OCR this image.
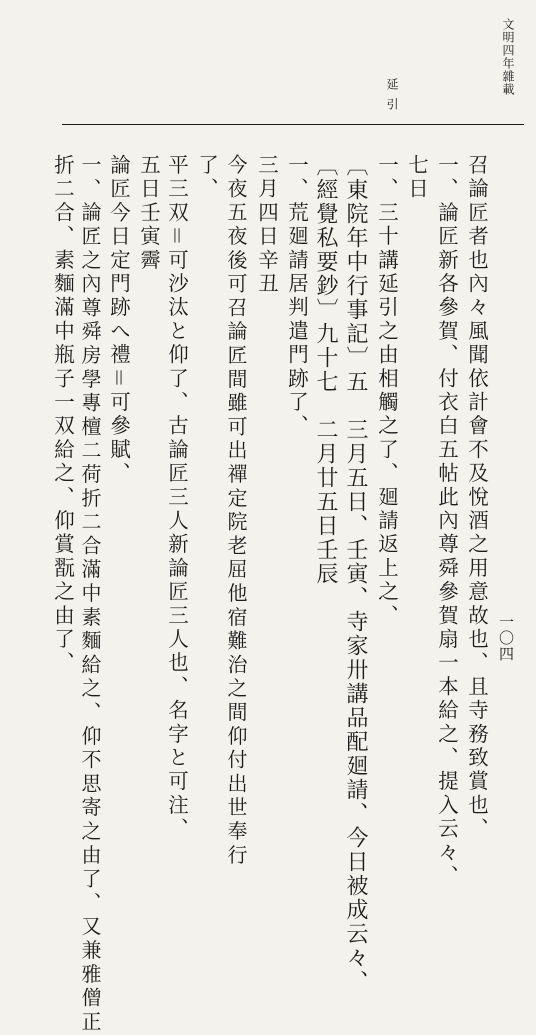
文明四年雜載
一〇四
延引
召論匠者也內々風聞依計會不及悅酒之用意故也、且寺務致賞也、
一、論匠新各參賀、付衣白五帖此內尊舜參賀扇一本給之、提入云々、
七日
一、三十講延引之由相觸之了、廻請返上之、
〔東院年中行事記〕五　三月五日、壬寅、寺家卅講品配廻請、今日被成云々、
〔經覺私要鈔〕九十七　二月廿五日壬辰
一、荒廻請居判遣門跡了、
三月四日辛丑
今夜五夜後可召論匠間雖可出禪定院老屈他宿難治之間仰付出世奉行
了、
平三双＝可沙汰と仰了、古論匠三人新論匠三人也、名字と可注、
五日壬寅霽
論匠今日定門跡へ禮＝可參賦、
一、論匠之內尊舜房學專檀二荷折二合滿中素麵給之、仰不思寄之由了、又兼雅僧正
折二合、素麵滿中瓶子一双給之、仰賞翫之由了、
